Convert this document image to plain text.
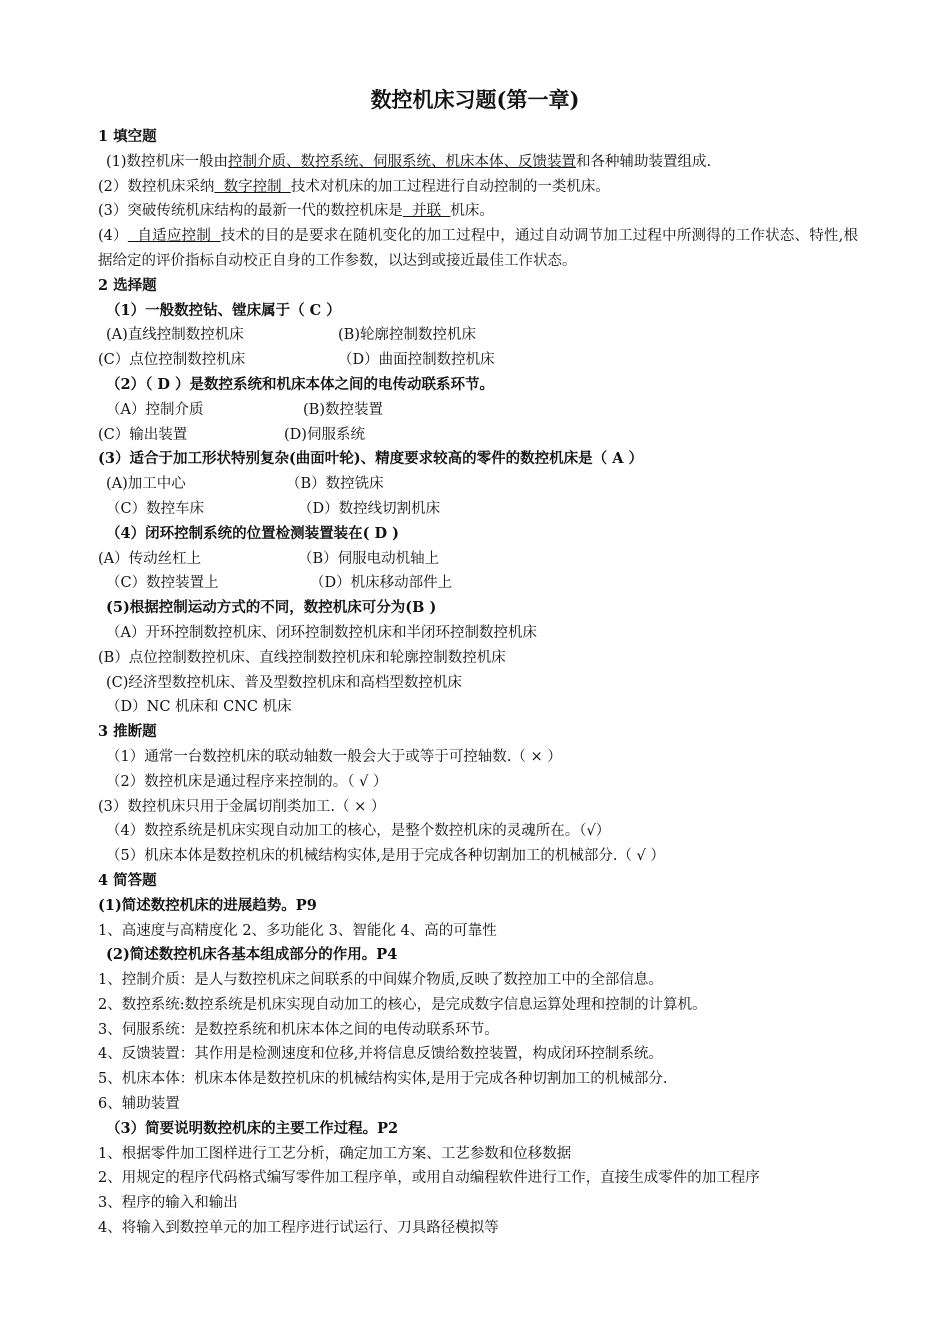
数控机床习题(第一章)
1 填空题
(1)数控机床一般由控制介质、数控系统、伺服系统、机床本体、反馈装置和各种辅助装置组成.
(2）数控机床采纳  数字控制  技术对机床的加工过程进行自动控制的一类机床。
(3）突破传统机床结构的最新一代的数控机床是  并联  机床。
(4）  自适应控制  技术的目的是要求在随机变化的加工过程中，通过自动调节加工过程中所测得的工作状态、特性,根据给定的评价指标自动校正自身的工作参数，以达到或接近最佳工作状态。
2 选择题
（1）一般数控钻、镗床属于（ C ）
(A)直线控制数控机床	(B)轮廓控制数控机床
(C）点位控制数控机床	（D）曲面控制数控机床
（2）（ D ）是数控系统和机床本体之间的电传动联系环节。
（A）控制介质	(B)数控装置
(C）输出装置	(D)伺服系统
(3）适合于加工形状特别复杂(曲面叶轮)、精度要求较高的零件的数控机床是（ A ）
(A)加工中心	（B）数控铣床
（C）数控车床	（D）数控线切割机床
（4）闭环控制系统的位置检测装置装在( D )
(A）传动丝杠上	（B）伺服电动机轴上
（C）数控装置上	（D）机床移动部件上
(5)根据控制运动方式的不同，数控机床可分为(B )
（A）开环控制数控机床、闭环控制数控机床和半闭环控制数控机床
(B）点位控制数控机床、直线控制数控机床和轮廓控制数控机床
(C)经济型数控机床、普及型数控机床和高档型数控机床
（D）NC 机床和 CNC 机床
3 推断题
（1）通常一台数控机床的联动轴数一般会大于或等于可控轴数.（ × ）
（2）数控机床是通过程序来控制的。（ √ ）
(3）数控机床只用于金属切削类加工.（ × ）
（4）数控系统是机床实现自动加工的核心，是整个数控机床的灵魂所在。（√）
（5）机床本体是数控机床的机械结构实体,是用于完成各种切割加工的机械部分.（ √ ）
4 简答题
(1)简述数控机床的进展趋势。P9
1、高速度与高精度化 2、多功能化 3、智能化 4、高的可靠性
(2)简述数控机床各基本组成部分的作用。P4
1、控制介质：是人与数控机床之间联系的中间媒介物质,反映了数控加工中的全部信息。
2、数控系统:数控系统是机床实现自动加工的核心，是完成数字信息运算处理和控制的计算机。
3、伺服系统：是数控系统和机床本体之间的电传动联系环节。
4、反馈装置：其作用是检测速度和位移,并将信息反馈给数控装置，构成闭环控制系统。
5、机床本体：机床本体是数控机床的机械结构实体,是用于完成各种切割加工的机械部分.
6、辅助装置
（3）简要说明数控机床的主要工作过程。P2
1、根据零件加工图样进行工艺分析，确定加工方案、工艺参数和位移数据
2、用规定的程序代码格式编写零件加工程序单，或用自动编程软件进行工作，直接生成零件的加工程序
3、程序的输入和输出
4、将输入到数控单元的加工程序进行试运行、刀具路径模拟等
